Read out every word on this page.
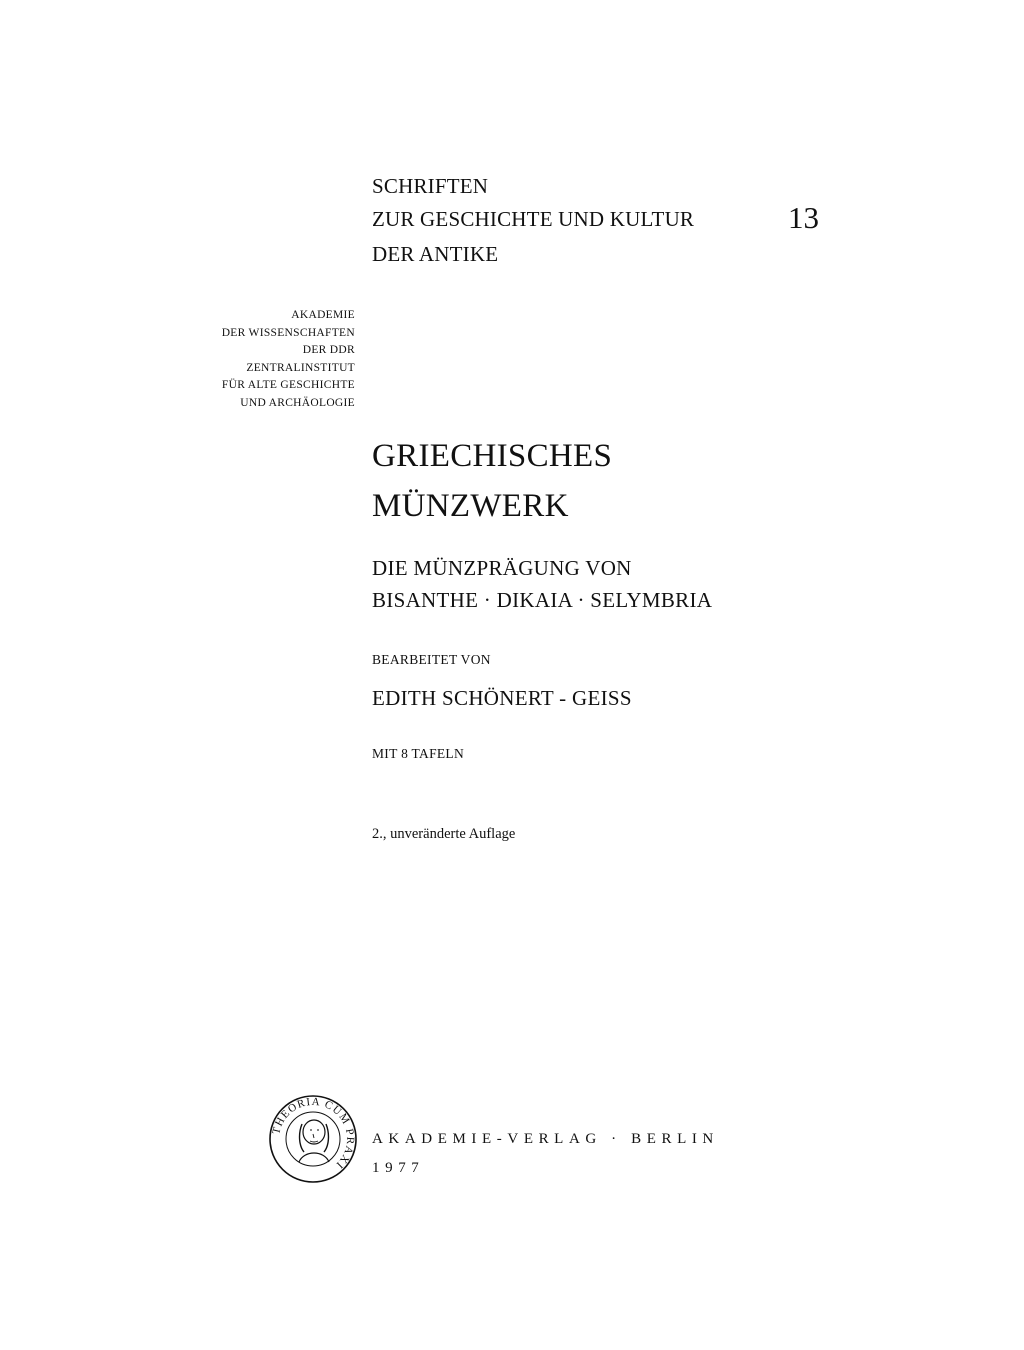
SCHRIFTEN
ZUR GESCHICHTE UND KULTUR
DER ANTIKE
13
AKADEMIE
DER WISSENSCHAFTEN
DER DDR
ZENTRALINSTITUT
FÜR ALTE GESCHICHTE
UND ARCHÄOLOGIE
GRIECHISCHES
MÜNZWERK
DIE MÜNZPRÄGUNG VON
BISANTHE · DIKAIA · SELYMBRIA
BEARBEITET VON
EDITH SCHÖNERT - GEISS
MIT 8 TAFELN
2., unveränderte Auflage
THEORIA CUM PRAXI
AKADEMIE-VERLAG · BERLIN
1977
